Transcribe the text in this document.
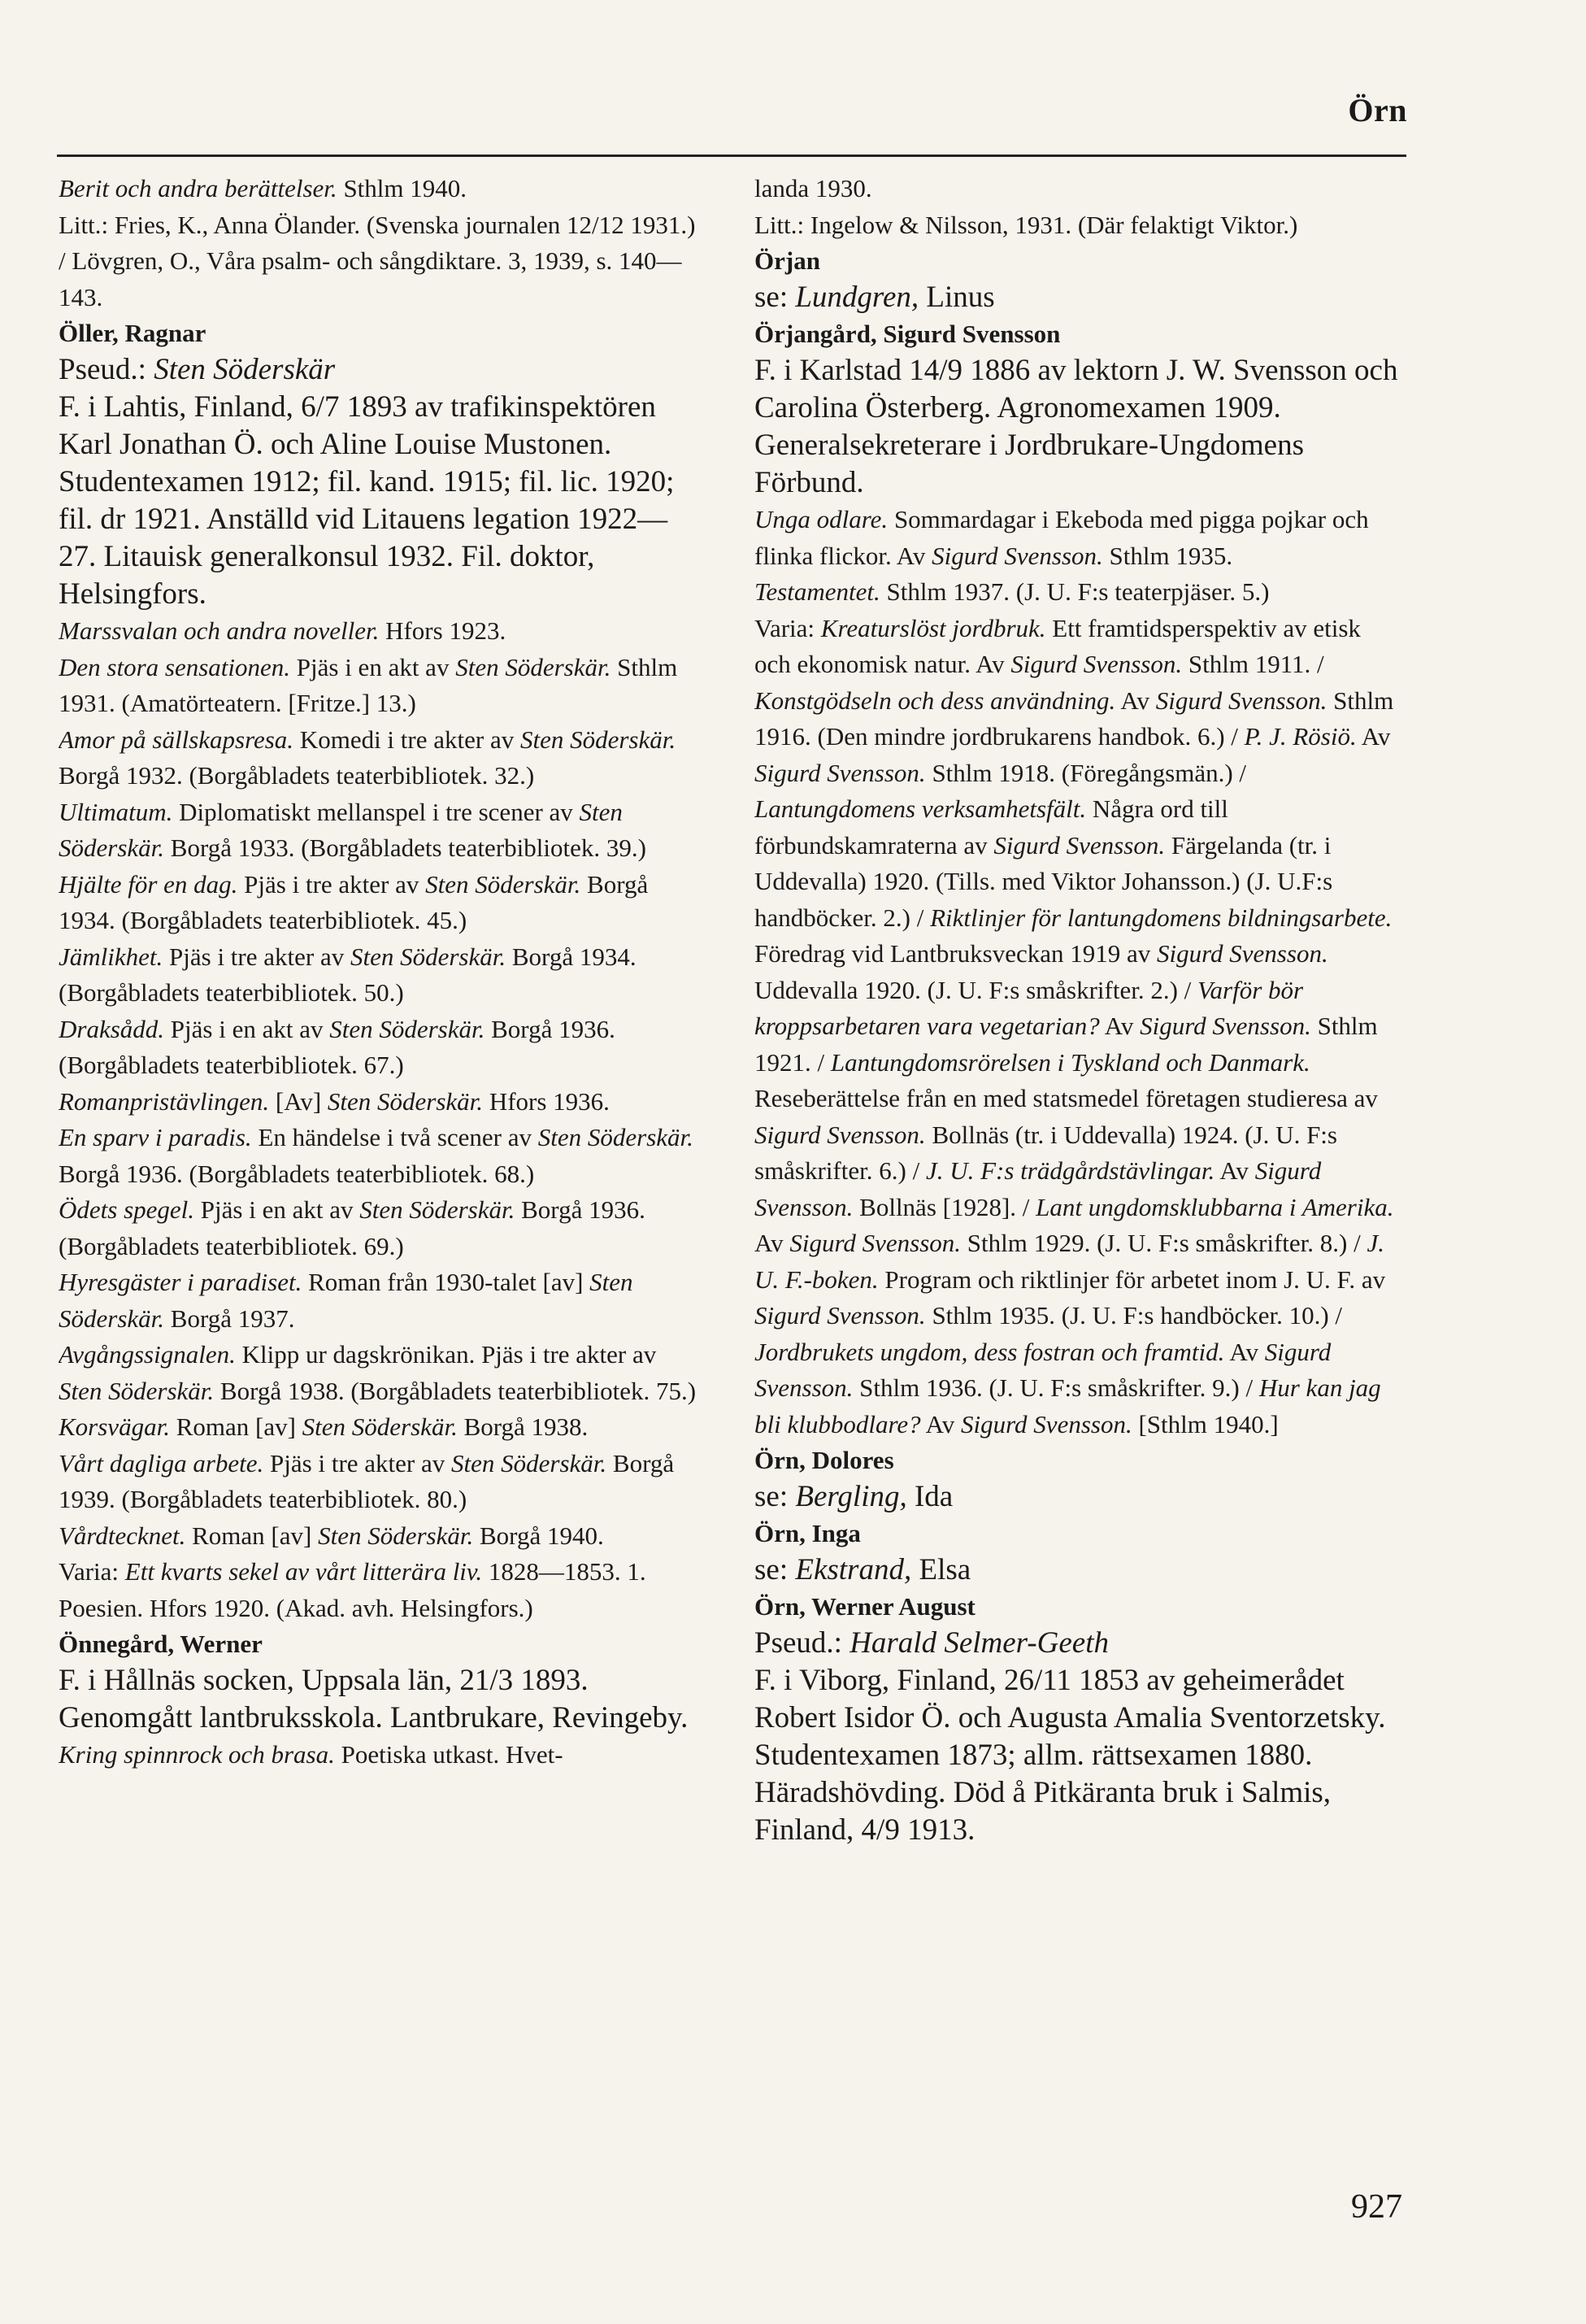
Örn

Berit och andra berättelser. Sthlm 1940.

Litt.: Fries, K., Anna Ölander. (Svenska journalen 12/12 1931.) / Lövgren, O., Våra psalm- och sångdiktare. 3, 1939, s. 140—143.

Öller, Ragnar

Pseud.: Sten Söderskär

F. i Lahtis, Finland, 6/7 1893 av trafikinspektören Karl Jonathan Ö. och Aline Louise Mustonen. Studentexamen 1912; fil. kand. 1915; fil. lic. 1920; fil. dr 1921. Anställd vid Litauens legation 1922—27. Litauisk generalkonsul 1932. Fil. doktor, Helsingfors.

Marssvalan och andra noveller. Hfors 1923.

Den stora sensationen. Pjäs i en akt av Sten Söderskär. Sthlm 1931. (Amatörteatern. [Fritze.] 13.)

Amor på sällskapsresa. Komedi i tre akter av Sten Söderskär. Borgå 1932. (Borgåbladets teaterbibliotek. 32.)

Ultimatum. Diplomatiskt mellanspel i tre scener av Sten Söderskär. Borgå 1933. (Borgåbladets teaterbibliotek. 39.)

Hjälte för en dag. Pjäs i tre akter av Sten Söderskär. Borgå 1934. (Borgåbladets teaterbibliotek. 45.)

Jämlikhet. Pjäs i tre akter av Sten Söderskär. Borgå 1934. (Borgåbladets teaterbibliotek. 50.)

Draksådd. Pjäs i en akt av Sten Söderskär. Borgå 1936. (Borgåbladets teaterbibliotek. 67.)

Romanpristävlingen. [Av] Sten Söderskär. Hfors 1936.

En sparv i paradis. En händelse i två scener av Sten Söderskär. Borgå 1936. (Borgåbladets teaterbibliotek. 68.)

Ödets spegel. Pjäs i en akt av Sten Söderskär. Borgå 1936. (Borgåbladets teaterbibliotek. 69.)

Hyresgäster i paradiset. Roman från 1930-talet [av] Sten Söderskär. Borgå 1937.

Avgångssignalen. Klipp ur dagskrönikan. Pjäs i tre akter av Sten Söderskär. Borgå 1938. (Borgåbladets teaterbibliotek. 75.)

Korsvägar. Roman [av] Sten Söderskär. Borgå 1938.

Vårt dagliga arbete. Pjäs i tre akter av Sten Söderskär. Borgå 1939. (Borgåbladets teaterbibliotek. 80.)

Vårdtecknet. Roman [av] Sten Söderskär. Borgå 1940.

Varia: Ett kvarts sekel av vårt litterära liv. 1828—1853. 1. Poesien. Hfors 1920. (Akad. avh. Helsingfors.)

Önnegård, Werner

F. i Hållnäs socken, Uppsala län, 21/3 1893. Genomgått lantbruksskola. Lantbrukare, Revingeby.

Kring spinnrock och brasa. Poetiska utkast. Hvet-

landa 1930.

Litt.: Ingelow & Nilsson, 1931. (Där felaktigt Viktor.)

Örjan

se: Lundgren, Linus

Örjangård, Sigurd Svensson

F. i Karlstad 14/9 1886 av lektorn J. W. Svensson och Carolina Österberg. Agronomexamen 1909. Generalsekreterare i Jordbrukare-Ungdomens Förbund.

Unga odlare. Sommardagar i Ekeboda med pigga pojkar och flinka flickor. Av Sigurd Svensson. Sthlm 1935.

Testamentet. Sthlm 1937. (J. U. F:s teaterpjäser. 5.)

Varia: Kreaturslöst jordbruk. Ett framtidsperspektiv av etisk och ekonomisk natur. Av Sigurd Svensson. Sthlm 1911. / Konstgödseln och dess användning. Av Sigurd Svensson. Sthlm 1916. (Den mindre jordbrukarens handbok. 6.) / P. J. Rösiö. Av Sigurd Svensson. Sthlm 1918. (Föregångsmän.) / Lantungdomens verksamhetsfält. Några ord till förbundskamraterna av Sigurd Svensson. Färgelanda (tr. i Uddevalla) 1920. (Tills. med Viktor Johansson.) (J. U.F:s handböcker. 2.) / Riktlinjer för lantungdomens bildningsarbete. Föredrag vid Lantbruksveckan 1919 av Sigurd Svensson. Uddevalla 1920. (J. U. F:s småskrifter. 2.) / Varför bör kroppsarbetaren vara vegetarian? Av Sigurd Svensson. Sthlm 1921. / Lantungdomsrörelsen i Tyskland och Danmark. Reseberättelse från en med statsmedel företagen studieresa av Sigurd Svensson. Bollnäs (tr. i Uddevalla) 1924. (J. U. F:s småskrifter. 6.) / J. U. F:s trädgårdstävlingar. Av Sigurd Svensson. Bollnäs [1928]. / Lant ungdomsklubbarna i Amerika. Av Sigurd Svensson. Sthlm 1929. (J. U. F:s småskrifter. 8.) / J. U. F.-boken. Program och riktlinjer för arbetet inom J. U. F. av Sigurd Svensson. Sthlm 1935. (J. U. F:s handböcker. 10.) / Jordbrukets ungdom, dess fostran och framtid. Av Sigurd Svensson. Sthlm 1936. (J. U. F:s småskrifter. 9.) / Hur kan jag bli klubbodlare? Av Sigurd Svensson. [Sthlm 1940.]

Örn, Dolores

se: Bergling, Ida

Örn, Inga

se: Ekstrand, Elsa

Örn, Werner August

Pseud.: Harald Selmer-Geeth

F. i Viborg, Finland, 26/11 1853 av geheimerådet Robert Isidor Ö. och Augusta Amalia Sventorzetsky. Studentexamen 1873; allm. rättsexamen 1880. Häradshövding. Död å Pitkäranta bruk i Salmis, Finland, 4/9 1913.

927
